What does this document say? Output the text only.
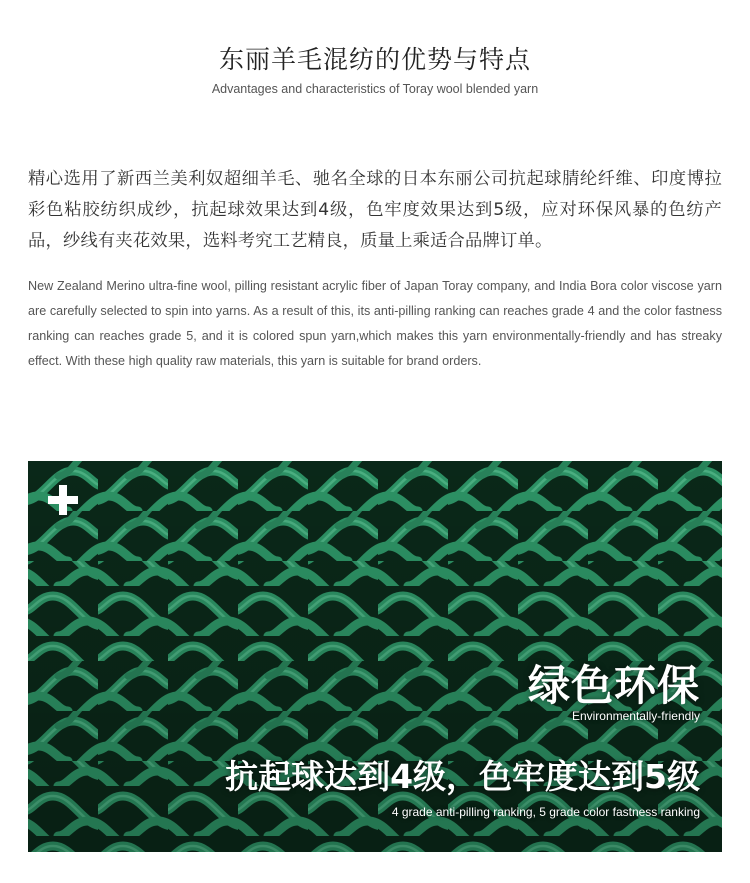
东丽羊毛混纺的优势与特点

Advantages and characteristics of Toray wool blended yarn

精心选用了新西兰美利奴超细羊毛、驰名全球的日本东丽公司抗起球腈纶纤维、印度博拉彩色粘胶纺织成纱，抗起球效果达到4级，色牢度效果达到5级，应对环保风暴的色纺产品，纱线有夹花效果，选料考究工艺精良，质量上乘适合品牌订单。

New Zealand Merino ultra-fine wool, pilling resistant acrylic fiber of Japan Toray company, and India Bora color viscose yarn are carefully selected to spin into yarns. As a result of this, its anti-pilling ranking can reaches grade 4 and the color fastness ranking can reaches grade 5, and it is colored spun yarn,which makes this yarn environmentally-friendly and has streaky effect. With these high quality raw materials, this yarn is suitable for brand orders.

绿色环保

Environmentally-friendly

抗起球达到4级，色牢度达到5级

4 grade anti-pilling ranking, 5 grade color fastness ranking
